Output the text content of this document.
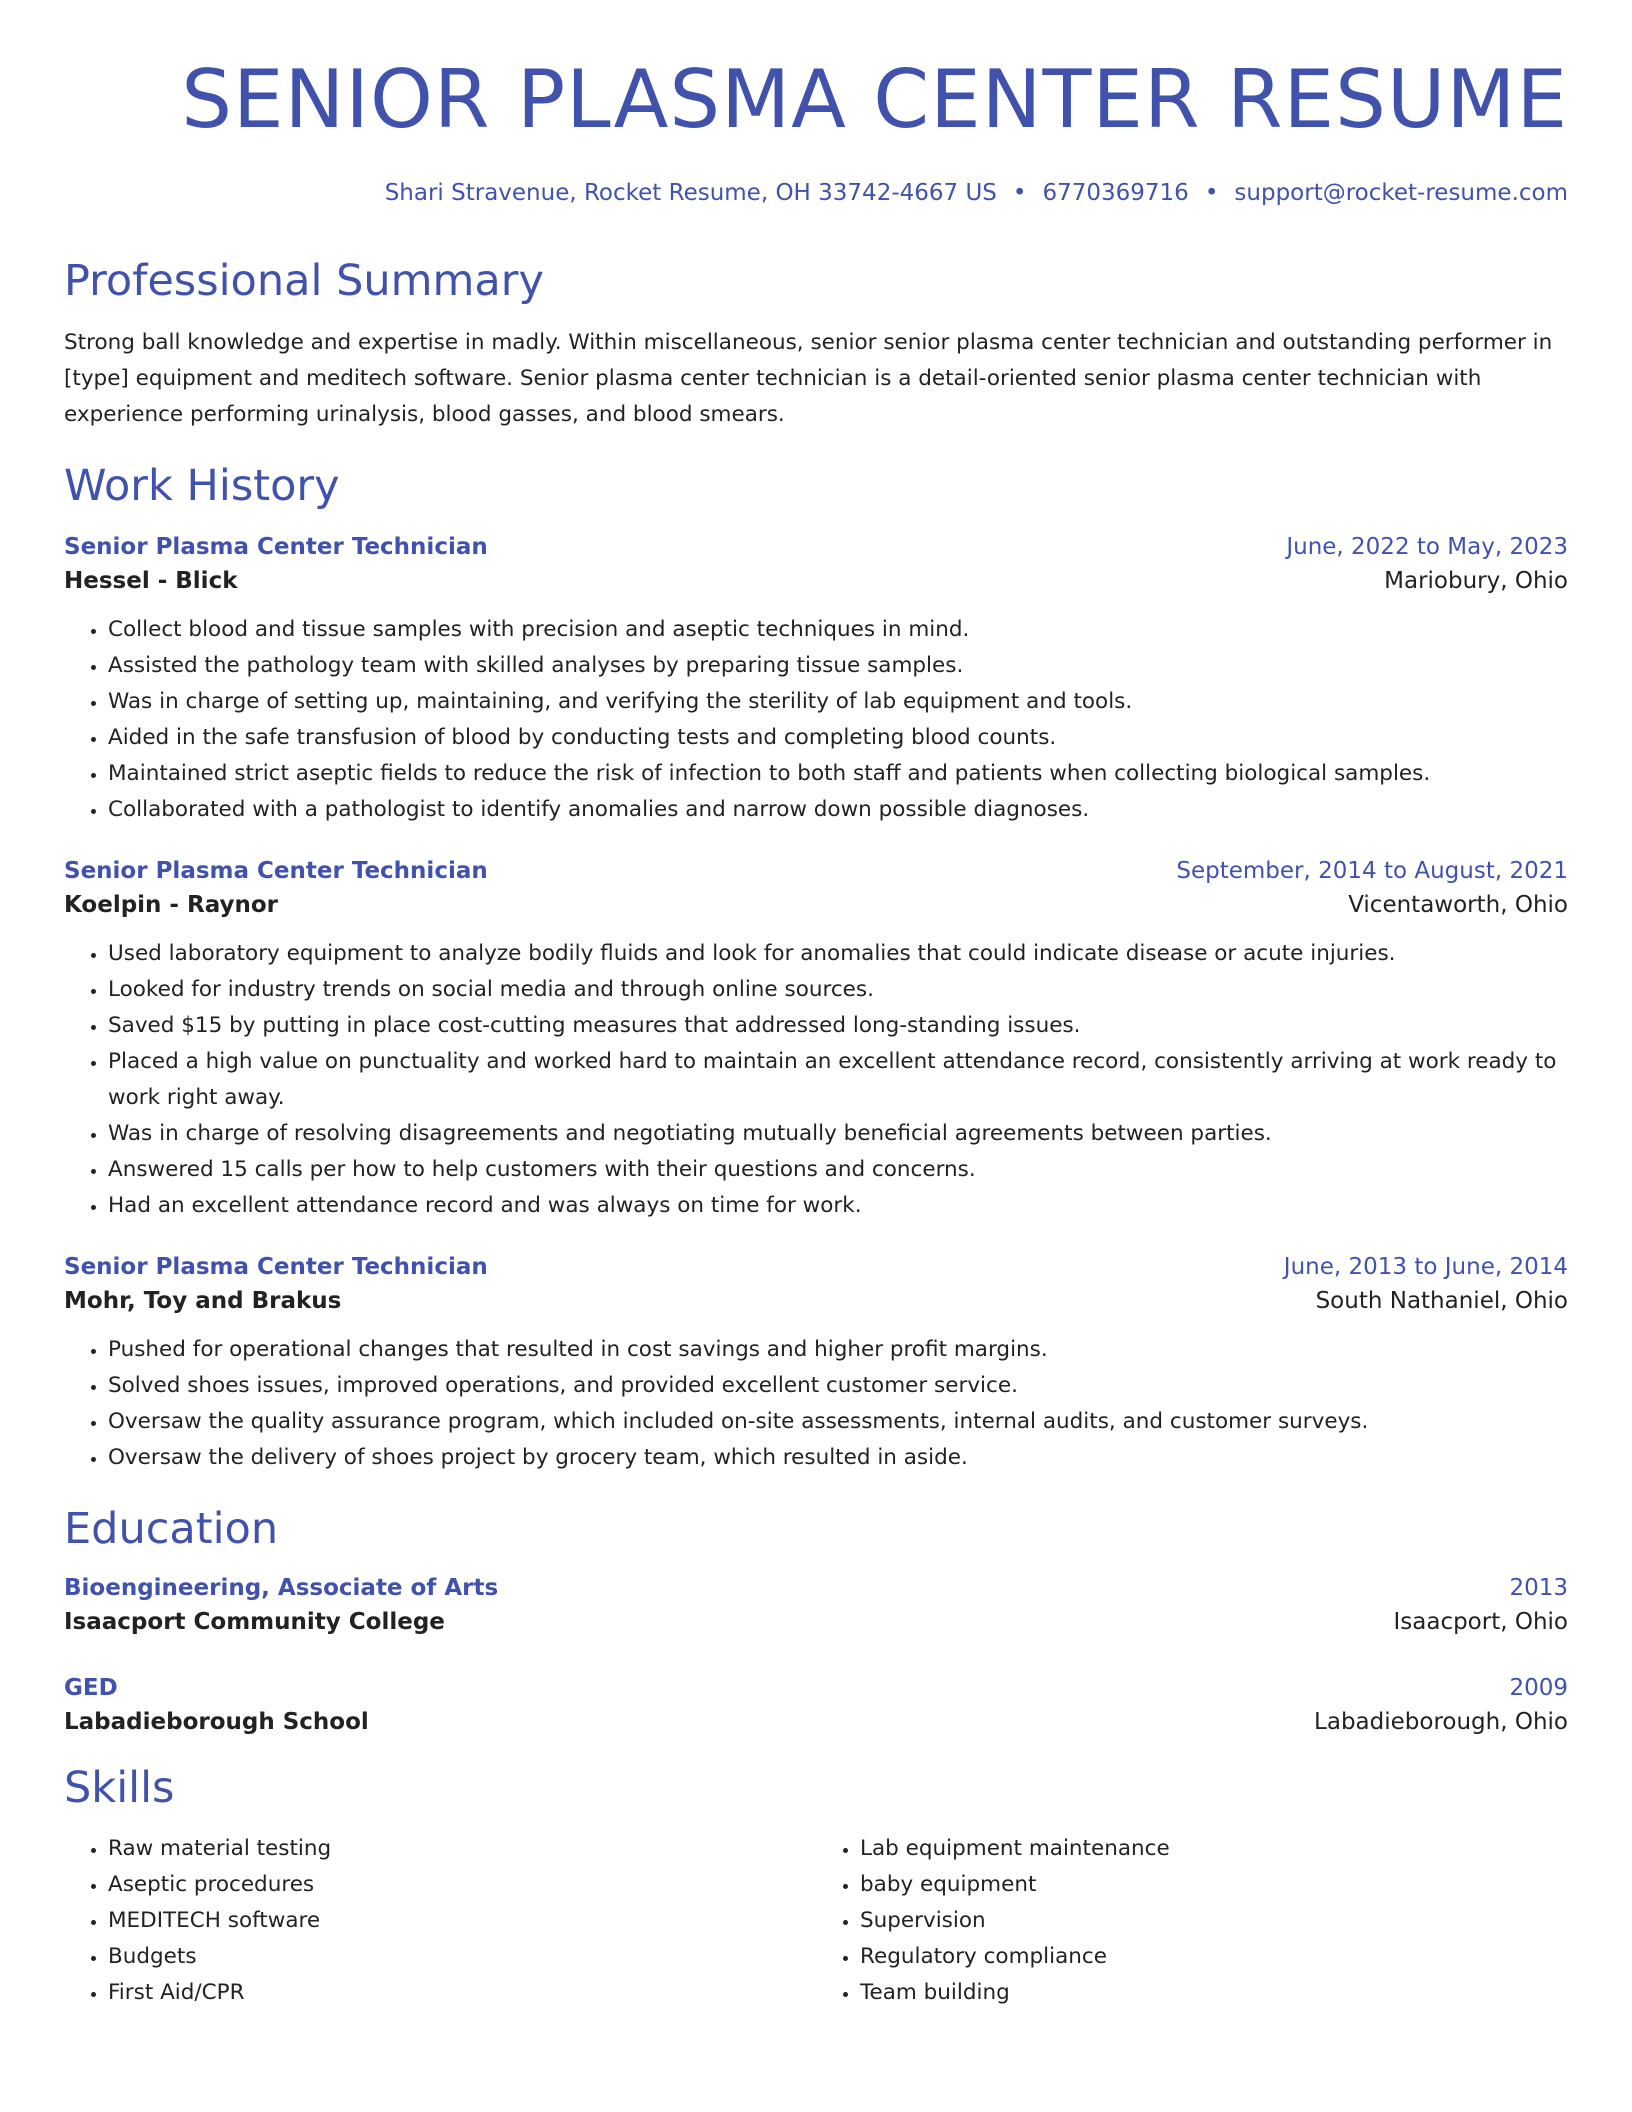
SENIOR PLASMA CENTER RESUME
Shari Stravenue, Rocket Resume, OH 33742-4667 US • 6770369716 • support@rocket-resume.com
Professional Summary

Strong ball knowledge and expertise in madly. Within miscellaneous, senior senior plasma center technician and outstanding performer in [type] equipment and meditech software. Senior plasma center technician is a detail-oriented senior plasma center technician with experience performing urinalysis, blood gasses, and blood smears.

Work History
Senior Plasma Center Technician	June, 2022 to May, 2023
Hessel - Blick	Mariobury, Ohio
• Collect blood and tissue samples with precision and aseptic techniques in mind.
• Assisted the pathology team with skilled analyses by preparing tissue samples.
• Was in charge of setting up, maintaining, and verifying the sterility of lab equipment and tools.
• Aided in the safe transfusion of blood by conducting tests and completing blood counts.
• Maintained strict aseptic fields to reduce the risk of infection to both staff and patients when collecting biological samples.
• Collaborated with a pathologist to identify anomalies and narrow down possible diagnoses.
Senior Plasma Center Technician	September, 2014 to August, 2021
Koelpin - Raynor	Vicentaworth, Ohio
• Used laboratory equipment to analyze bodily fluids and look for anomalies that could indicate disease or acute injuries.
• Looked for industry trends on social media and through online sources.
• Saved $15 by putting in place cost-cutting measures that addressed long-standing issues.
• Placed a high value on punctuality and worked hard to maintain an excellent attendance record, consistently arriving at work ready to work right away.
• Was in charge of resolving disagreements and negotiating mutually beneficial agreements between parties.
• Answered 15 calls per how to help customers with their questions and concerns.
• Had an excellent attendance record and was always on time for work.
Senior Plasma Center Technician	June, 2013 to June, 2014
Mohr, Toy and Brakus	South Nathaniel, Ohio
• Pushed for operational changes that resulted in cost savings and higher profit margins.
• Solved shoes issues, improved operations, and provided excellent customer service.
• Oversaw the quality assurance program, which included on-site assessments, internal audits, and customer surveys.
• Oversaw the delivery of shoes project by grocery team, which resulted in aside.
Education
Bioengineering, Associate of Arts	2013
Isaacport Community College	Isaacport, Ohio
GED	2009
Labadieborough School	Labadieborough, Ohio
Skills
• Raw material testing
• Aseptic procedures
• MEDITECH software
• Budgets
• First Aid/CPR
• Lab equipment maintenance
• baby equipment
• Supervision
• Regulatory compliance
• Team building
